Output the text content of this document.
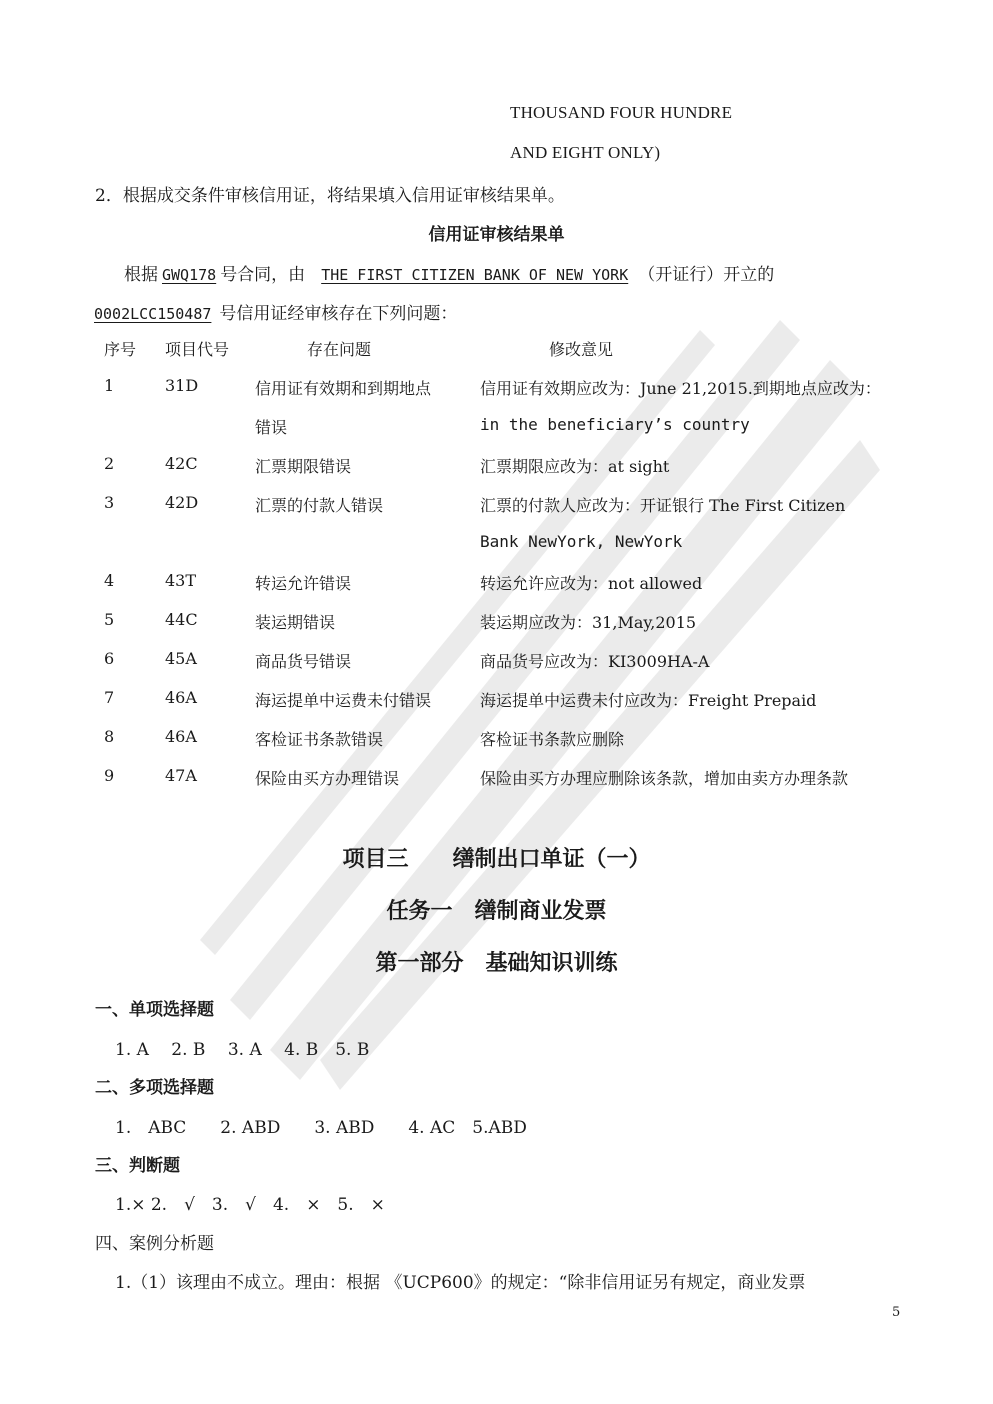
THOUSAND FOUR HUNDRE
AND EIGHT ONLY)
2．根据成交条件审核信用证，将结果填入信用证审核结果单。
信用证审核结果单
根据 GWQ178 号合同，由 THE FIRST CITIZEN BANK OF NEW YORK （开证行）开立的
0002LCC150487 号信用证经审核存在下列问题：
序号 项目代号	存在问题	修改意见
1	31D	信用证有效期和到期地点	信用证有效期应改为：June 21,2015.到期地点应改为：
错误	in the beneficiary’s country
2	42C	汇票期限错误	汇票期限应改为：at sight
3	42D	汇票的付款人错误	汇票的付款人应改为：开证银行 The First Citizen
Bank NewYork, NewYork
4	43T	转运允许错误	转运允许应改为：not allowed
5	44C	装运期错误	装运期应改为：31,May,2015
6	45A	商品货号错误	商品货号应改为：KI3009HA-A
7	46A	海运提单中运费未付错误	海运提单中运费未付应改为：Freight Prepaid
8	46A	客检证书条款错误	客检证书条款应删除
9	47A	保险由买方办理错误	保险由买方办理应删除该条款，增加由卖方办理条款
项目三　　缮制出口单证（一）
任务一　缮制商业发票
第一部分　基础知识训练
一、单项选择题
1. A　 2. B　 3. A　 4. B　5. B
二、多项选择题
1.　ABC　　2. ABD　　3. ABD　　4. AC　5.ABD
三、判断题
1.× 2.　√　3.　√　4.　×　5.　×
四、案例分析题
1.（1）该理由不成立。理由：根据 《UCP600》的规定：“除非信用证另有规定，商业发票
5
